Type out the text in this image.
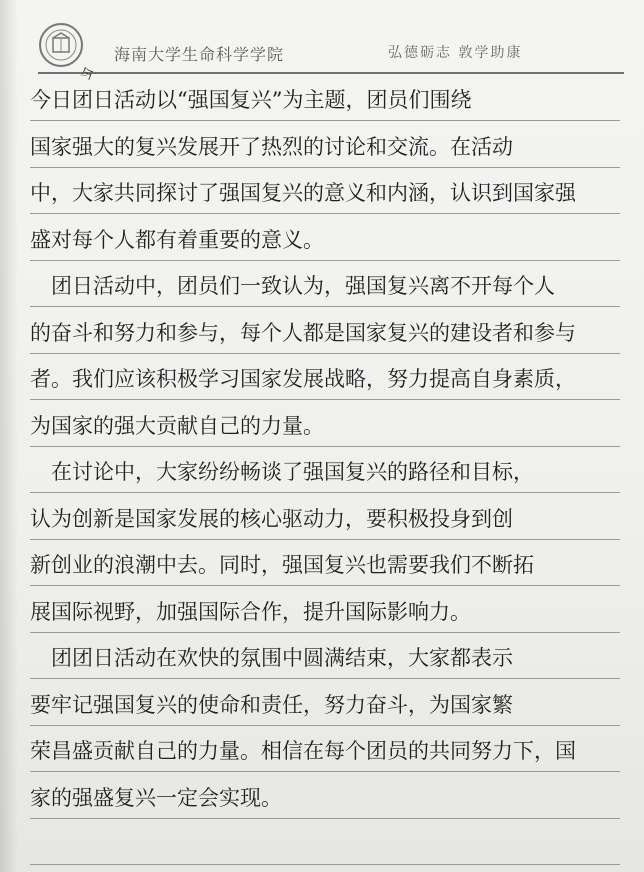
海南大学生命科学学院	弘德砺志 敦学助康
今
今日团日活动以“强国复兴”为主题，团员们围绕
国家强大的复兴发展开了热烈的讨论和交流。在活动
中，大家共同探讨了强国复兴的意义和内涵，认识到国家强
盛对每个人都有着重要的意义。
　团日活动中，团员们一致认为，强国复兴离不开每个人
的奋斗和努力和参与，每个人都是国家复兴的建设者和参与
者。我们应该积极学习国家发展战略，努力提高自身素质，
为国家的强大贡献自己的力量。
　在讨论中，大家纷纷畅谈了强国复兴的路径和目标，
认为创新是国家发展的核心驱动力，要积极投身到创
新创业的浪潮中去。同时，强国复兴也需要我们不断拓
展国际视野，加强国际合作，提升国际影响力。
　团团日活动在欢快的氛围中圆满结束，大家都表示
要牢记强国复兴的使命和责任，努力奋斗，为国家繁
荣昌盛贡献自己的力量。相信在每个团员的共同努力下，国
家的强盛复兴一定会实现。
